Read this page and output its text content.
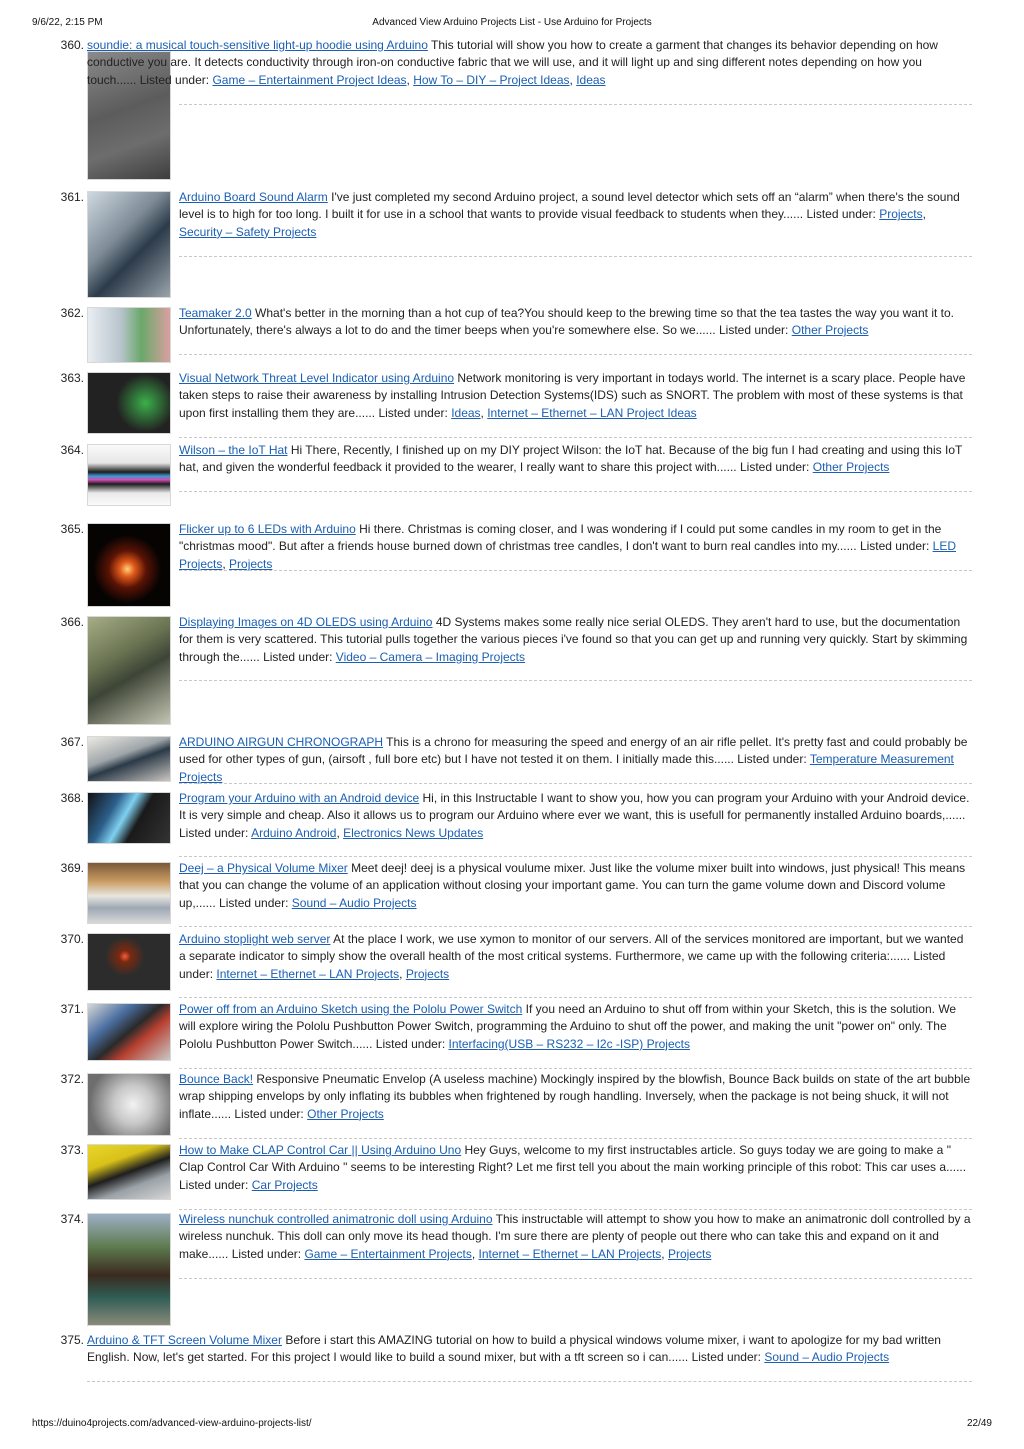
9/6/22, 2:15 PM	Advanced View Arduino Projects List - Use Arduino for Projects
360. soundie: a musical touch-sensitive light-up hoodie using Arduino This tutorial will show you how to create a garment that changes its behavior depending on how conductive you are. It detects conductivity through iron-on conductive fabric that we will use, and it will light up and sing different notes depending on how you touch...... Listed under: Game – Entertainment Project Ideas, How To – DIY – Project Ideas, Ideas
361.	Arduino Board Sound Alarm I've just completed my second Arduino project, a sound level detector which sets off an “alarm” when there's the sound level is to high for too long. I built it for use in a school that wants to provide visual feedback to students when they...... Listed under: Projects, Security – Safety Projects
362.	Teamaker 2.0 What's better in the morning than a hot cup of tea?You should keep to the brewing time so that the tea tastes the way you want it to. Unfortunately, there's always a lot to do and the timer beeps when you're somewhere else. So we...... Listed under: Other Projects
363.	Visual Network Threat Level Indicator using Arduino Network monitoring is very important in todays world. The internet is a scary place. People have taken steps to raise their awareness by installing Intrusion Detection Systems(IDS) such as SNORT. The problem with most of these systems is that upon first installing them they are...... Listed under: Ideas, Internet – Ethernet – LAN Project Ideas
364.	Wilson – the IoT Hat Hi There, Recently, I finished up on my DIY project Wilson: the IoT hat. Because of the big fun I had creating and using this IoT hat, and given the wonderful feedback it provided to the wearer, I really want to share this project with...... Listed under: Other Projects
365.	Flicker up to 6 LEDs with Arduino Hi there. Christmas is coming closer, and I was wondering if I could put some candles in my room to get in the "christmas mood". But after a friends house burned down of christmas tree candles, I don't want to burn real candles into my...... Listed under: LED Projects, Projects
366.	Displaying Images on 4D OLEDS using Arduino 4D Systems makes some really nice serial OLEDS. They aren't hard to use, but the documentation for them is very scattered. This tutorial pulls together the various pieces i've found so that you can get up and running very quickly. Start by skimming through the...... Listed under: Video – Camera – Imaging Projects
367.	ARDUINO AIRGUN CHRONOGRAPH This is a chrono for measuring the speed and energy of an air rifle pellet. It's pretty fast and could probably be used for other types of gun, (airsoft , full bore etc) but I have not tested it on them. I initially made this...... Listed under: Temperature Measurement Projects
368.	Program your Arduino with an Android device Hi, in this Instructable I want to show you, how you can program your Arduino with your Android device. It is very simple and cheap. Also it allows us to program our Arduino where ever we want, this is usefull for permanently installed Arduino boards,...... Listed under: Arduino Android, Electronics News Updates
369.	Deej – a Physical Volume Mixer Meet deej! deej is a physical voulume mixer. Just like the volume mixer built into windows, just physical! This means that you can change the volume of an application without closing your important game. You can turn the game volume down and Discord volume up,...... Listed under: Sound – Audio Projects
370.	Arduino stoplight web server At the place I work, we use xymon to monitor of our servers. All of the services monitored are important, but we wanted a separate indicator to simply show the overall health of the most critical systems. Furthermore, we came up with the following criteria:...... Listed under: Internet – Ethernet – LAN Projects, Projects
371.	Power off from an Arduino Sketch using the Pololu Power Switch If you need an Arduino to shut off from within your Sketch, this is the solution. We will explore wiring the Pololu Pushbutton Power Switch, programming the Arduino to shut off the power, and making the unit "power on" only. The Pololu Pushbutton Power Switch...... Listed under: Interfacing(USB – RS232 – I2c -ISP) Projects
372.	Bounce Back! Responsive Pneumatic Envelop (A useless machine) Mockingly inspired by the blowfish, Bounce Back builds on state of the art bubble wrap shipping envelops by only inflating its bubbles when frightened by rough handling. Inversely, when the package is not being shuck, it will not inflate...... Listed under: Other Projects
373.	How to Make CLAP Control Car || Using Arduino Uno Hey Guys, welcome to my first instructables article. So guys today we are going to make a " Clap Control Car With Arduino " seems to be interesting Right? Let me first tell you about the main working principle of this robot: This car uses a...... Listed under: Car Projects
374.	Wireless nunchuk controlled animatronic doll using Arduino This instructable will attempt to show you how to make an animatronic doll controlled by a wireless nunchuk. This doll can only move its head though. I'm sure there are plenty of people out there who can take this and expand on it and make...... Listed under: Game – Entertainment Projects, Internet – Ethernet – LAN Projects, Projects
375. Arduino & TFT Screen Volume Mixer Before i start this AMAZING tutorial on how to build a physical windows volume mixer, i want to apologize for my bad written English. Now, let's get started. For this project I would like to build a sound mixer, but with a tft screen so i can...... Listed under: Sound – Audio Projects
https://duino4projects.com/advanced-view-arduino-projects-list/	22/49
